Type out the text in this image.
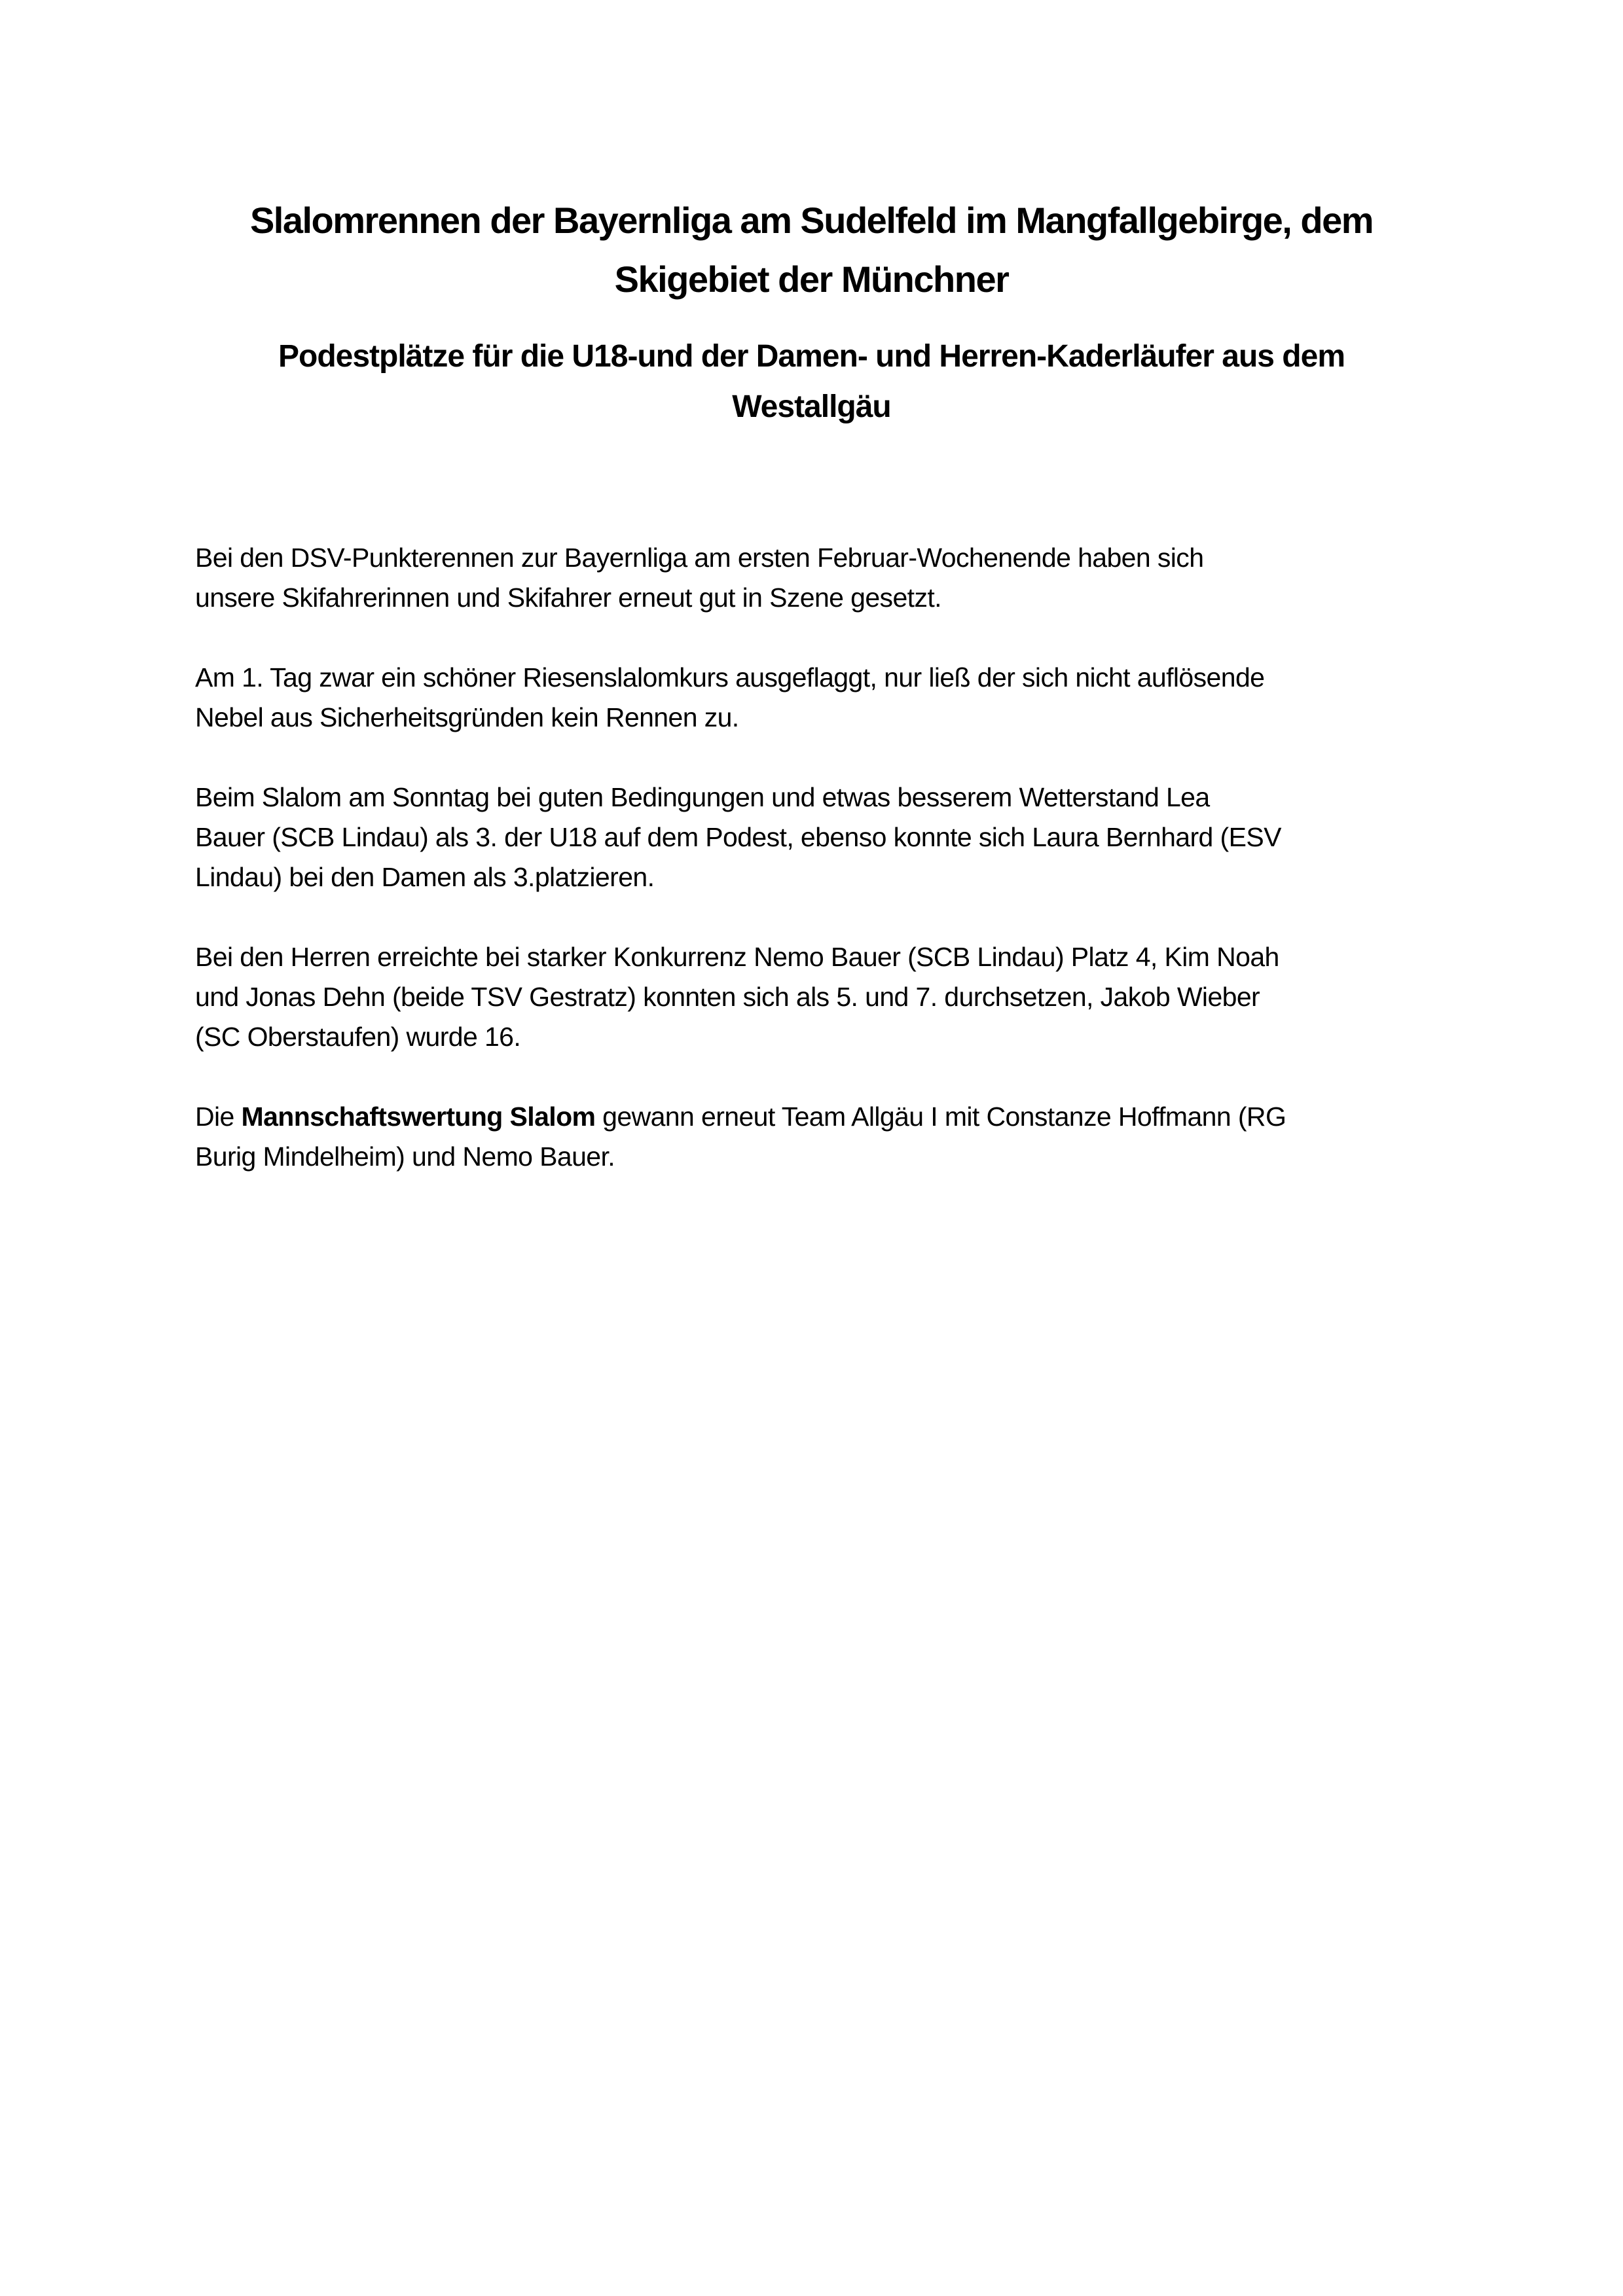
Slalomrennen der Bayernliga am Sudelfeld im Mangfallgebirge, dem
Skigebiet der Münchner
Podestplätze für die U18-und der Damen- und Herren-Kaderläufer aus dem
Westallgäu

Bei den DSV-Punkterennen zur Bayernliga am ersten Februar-Wochenende haben sich
unsere Skifahrerinnen und Skifahrer erneut gut in Szene gesetzt.

Am 1. Tag zwar ein schöner Riesenslalomkurs ausgeflaggt, nur ließ der sich nicht auflösende
Nebel aus Sicherheitsgründen kein Rennen zu.

Beim Slalom am Sonntag bei guten Bedingungen und etwas besserem Wetterstand Lea
Bauer (SCB Lindau) als 3. der U18 auf dem Podest, ebenso konnte sich Laura Bernhard (ESV
Lindau) bei den Damen als 3.platzieren.

Bei den Herren erreichte bei starker Konkurrenz Nemo Bauer (SCB Lindau) Platz 4, Kim Noah
und Jonas Dehn (beide TSV Gestratz) konnten sich als 5. und 7. durchsetzen, Jakob Wieber
(SC Oberstaufen) wurde 16.

Die Mannschaftswertung Slalom gewann erneut Team Allgäu I mit Constanze Hoffmann (RG
Burig Mindelheim) und Nemo Bauer.
